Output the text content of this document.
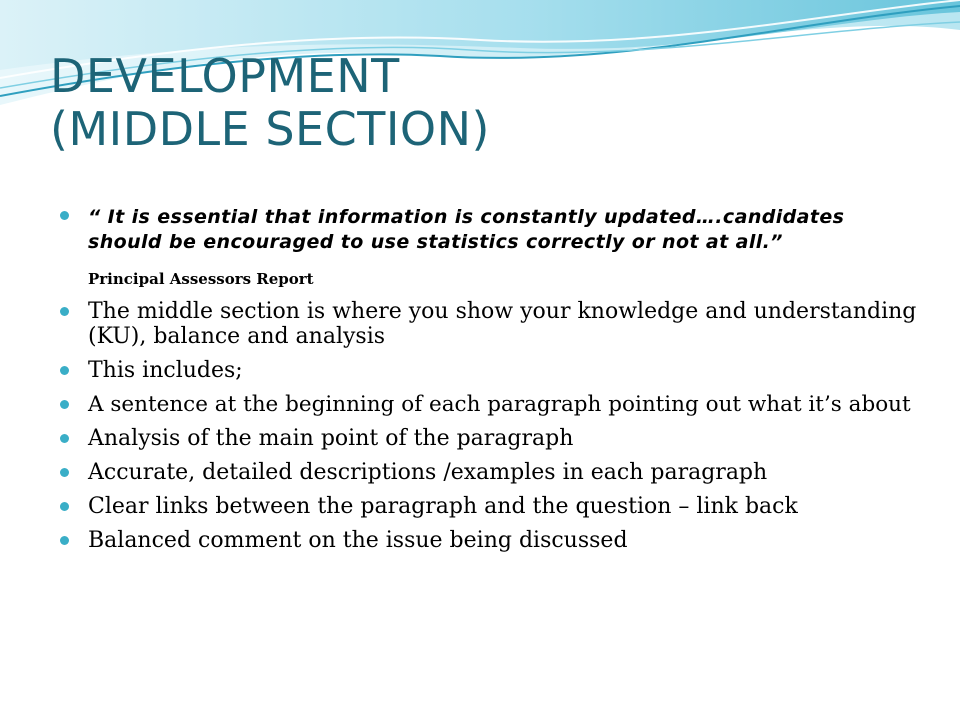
DEVELOPMENT
(MIDDLE SECTION)
“ It is essential that information is constantly updated….candidates should be encouraged to use statistics correctly or not at all.”
Principal Assessors Report
The middle section is where you show your knowledge and understanding (KU), balance and analysis
This includes;
A sentence at the beginning of each paragraph pointing out what it’s about
Analysis of the main point of the paragraph
Accurate, detailed descriptions /examples in each paragraph
Clear links between the paragraph and the question – link back
Balanced comment on the issue being discussed
